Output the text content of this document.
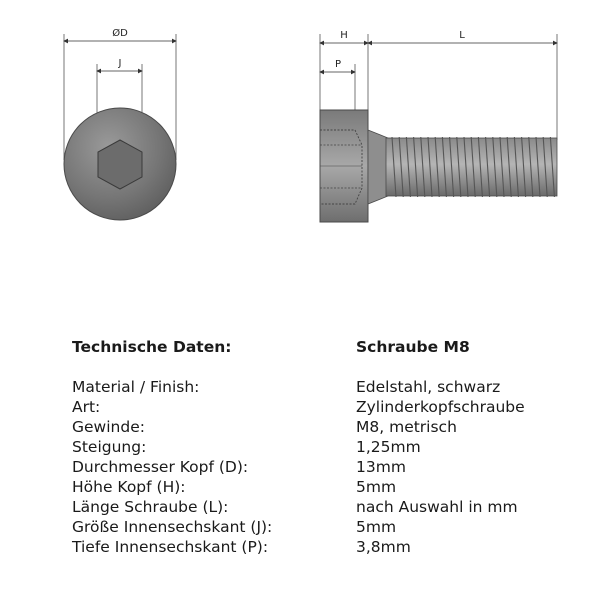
ØD
J
H	L
P
Technische Daten:	Schraube M8
Material / Finish:	Edelstahl, schwarz
Art:	Zylinderkopfschraube
Gewinde:	M8, metrisch
Steigung:	1,25mm
Durchmesser Kopf (D):	13mm
Höhe Kopf (H):	5mm
Länge Schraube (L):	nach Auswahl in mm
Größe Innensechskant (J):	5mm
Tiefe Innensechskant (P):	3,8mm
